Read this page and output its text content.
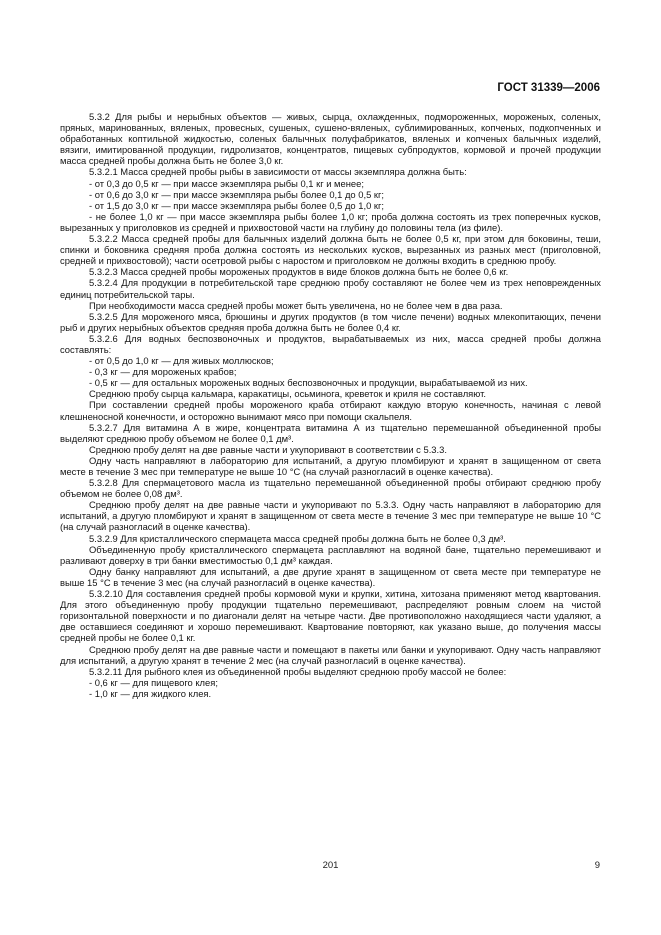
ГОСТ 31339—2006

5.3.2 Для рыбы и нерыбных объектов — живых, сырца, охлажденных, подмороженных, мороженых, соленых, пряных, маринованных, вяленых, провесных, сушеных, сушено-вяленых, сублимированных, копченых, подкопченных и обработанных коптильной жидкостью, соленых балычных полуфабрикатов, вяленых и копченых балычных изделий, вязиги, имитированной продукции, гидролизатов, концентратов, пищевых субпродуктов, кормовой и прочей продукции масса средней пробы должна быть не более 3,0 кг.

5.3.2.1 Масса средней пробы рыбы в зависимости от массы экземпляра должна быть:

- от 0,3 до 0,5 кг — при массе экземпляра рыбы 0,1 кг и менее;

- от 0,6 до 3,0 кг — при массе экземпляра рыбы более 0,1 до 0,5 кг;

- от 1,5 до 3,0 кг — при массе экземпляра рыбы более 0,5 до 1,0 кг;

- не более 1,0 кг — при массе экземпляра рыбы более 1,0 кг; проба должна состоять из трех поперечных кусков, вырезанных у приголовков из средней и прихвостовой части на глубину до половины тела (из филе).

5.3.2.2 Масса средней пробы для балычных изделий должна быть не более 0,5 кг, при этом для боковины, теши, спинки и боковника средняя проба должна состоять из нескольких кусков, вырезанных из разных мест (приголовной, средней и прихвостовой); части осетровой рыбы с наростом и приголовком не должны входить в среднюю пробу.

5.3.2.3 Масса средней пробы мороженых продуктов в виде блоков должна быть не более 0,6 кг.

5.3.2.4 Для продукции в потребительской таре среднюю пробу составляют не более чем из трех неповрежденных единиц потребительской тары.

При необходимости масса средней пробы может быть увеличена, но не более чем в два раза.

5.3.2.5 Для мороженого мяса, брюшины и других продуктов (в том числе печени) водных млекопитающих, печени рыб и других нерыбных объектов средняя проба должна быть не более 0,4 кг.

5.3.2.6 Для водных беспозвоночных и продуктов, вырабатываемых из них, масса средней пробы должна составлять:

- от 0,5 до 1,0 кг — для живых моллюсков;

- 0,3 кг — для мороженых крабов;

- 0,5 кг — для остальных мороженых водных беспозвоночных и продукции, вырабатываемой из них.

Среднюю пробу сырца кальмара, каракатицы, осьминога, креветок и криля не составляют.

При составлении средней пробы мороженого краба отбирают каждую вторую конечность, начиная с левой клешненосной конечности, и осторожно вынимают мясо при помощи скальпеля.

5.3.2.7 Для витамина А в жире, концентрата витамина А из тщательно перемешанной объединенной пробы выделяют среднюю пробу объемом не более 0,1 дм³.

Среднюю пробу делят на две равные части и укупоривают в соответствии с 5.3.3.

Одну часть направляют в лабораторию для испытаний, а другую пломбируют и хранят в защищенном от света месте в течение 3 мес при температуре не выше 10 °С (на случай разногласий в оценке качества).

5.3.2.8 Для спермацетового масла из тщательно перемешанной объединенной пробы отбирают среднюю пробу объемом не более 0,08 дм³.

Среднюю пробу делят на две равные части и укупоривают по 5.3.3. Одну часть направляют в лабораторию для испытаний, а другую пломбируют и хранят в защищенном от света месте в течение 3 мес при температуре не выше 10 °С (на случай разногласий в оценке качества).

5.3.2.9 Для кристаллического спермацета масса средней пробы должна быть не более 0,3 дм³.

Объединенную пробу кристаллического спермацета расплавляют на водяной бане, тщательно перемешивают и разливают доверху в три банки вместимостью 0,1 дм³ каждая.

Одну банку направляют для испытаний, а две другие хранят в защищенном от света месте при температуре не выше 15 °С в течение 3 мес (на случай разногласий в оценке качества).

5.3.2.10 Для составления средней пробы кормовой муки и крупки, хитина, хитозана применяют метод квартования. Для этого объединенную пробу продукции тщательно перемешивают, распределяют ровным слоем на чистой горизонтальной поверхности и по диагонали делят на четыре части. Две противоположно находящиеся части удаляют, а две оставшиеся соединяют и хорошо перемешивают. Квартование повторяют, как указано выше, до получения массы средней пробы не более 0,1 кг.

Среднюю пробу делят на две равные части и помещают в пакеты или банки и укупоривают. Одну часть направляют для испытаний, а другую хранят в течение 2 мес (на случай разногласий в оценке качества).

5.3.2.11 Для рыбного клея из объединенной пробы выделяют среднюю пробу массой не более:

- 0,6 кг — для пищевого клея;

- 1,0 кг — для жидкого клея.

201	9
